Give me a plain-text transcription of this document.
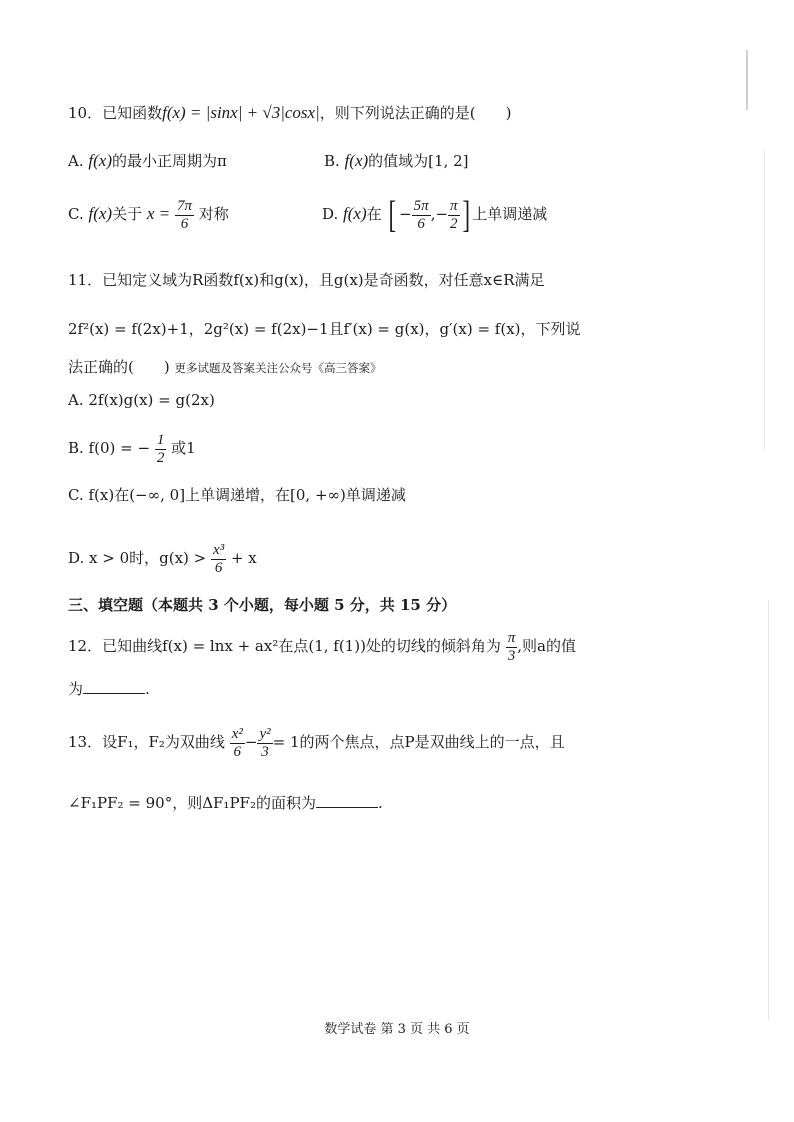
10．已知函数f(x) = |sinx| + √3|cosx|，则下列说法正确的是(　　)
A. f(x)的最小正周期为π	B. f(x)的值域为[1, 2]
C. f(x)关于 $x = \frac{7\pi}{6}$ 对称	D. f(x)在 [ − $\frac{5\pi}{6}$ ,− $\frac{\pi}{2}$ ] 上单调递减
11．已知定义域为R函数f(x)和g(x)，且g(x)是奇函数，对任意x∈R满足
2f²(x) = f(2x)+1，2g²(x) = f(2x)−1且f′(x) = g(x)，g′(x) = f(x)，下列说
法正确的(　　) 更多试题及答案关注公众号《高三答案》
A. 2f(x)g(x) = g(2x)
B. f(0) = − $\frac{1}{2}$ 或1
C. f(x)在(−∞, 0]上单调递增，在[0, +∞)单调递减
D. x > 0时，$g(x) > \frac{\text{x³}}{6} + x$
三、填空题（本题共 3 个小题，每小题 5 分，共 15 分）
12．已知曲线f(x) = lnx + ax²在点(1, f(1))处的切线的倾斜角为 $\frac{\pi}{3}$ ,则a的值
为	.
13．设F₁，F₂为双曲线 $\frac{\text{x²}}{6} - \frac{\text{y²}}{3} = 1$的两个焦点，点P是双曲线上的一点，且
∠F₁PF₂ = 90°，则ΔF₁PF₂的面积为	.
数学试卷 第 3 页 共 6 页
